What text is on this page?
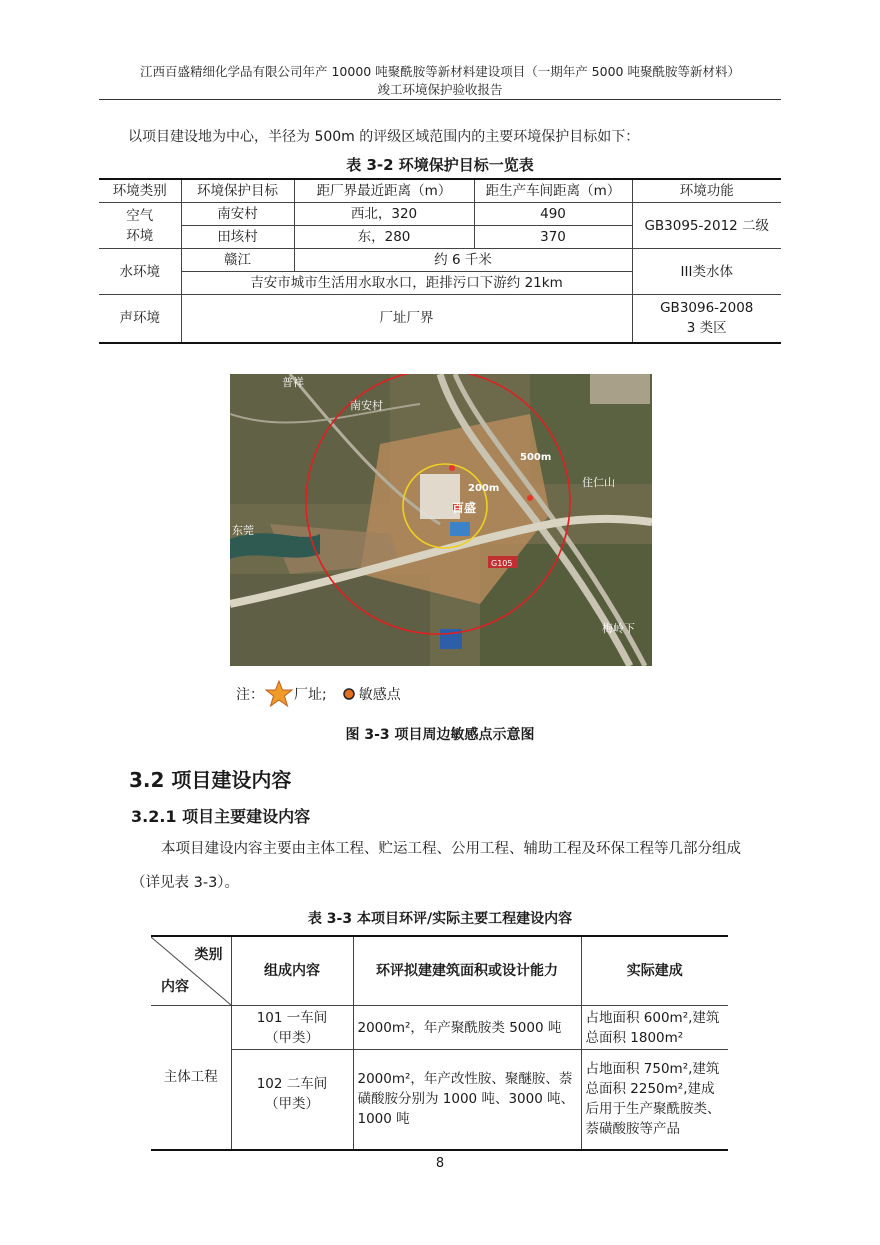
江西百盛精细化学品有限公司年产 10000 吨聚酰胺等新材料建设项目（一期年产 5000 吨聚酰胺等新材料）
竣工环境保护验收报告
以项目建设地为中心，半径为 500m 的评级区域范围内的主要环境保护目标如下：
表 3-2 环境保护目标一览表
环境类别	环境保护目标	距厂界最近距离（m）	距生产车间距离（m）	环境功能

空气
环境	南安村	西北，320	490	GB3095-2012 二级
	田垓村	东，280	370	
水环境	赣江	约 6 千米		III类水体
	吉安市城市生活用水取水口，距排污口下游约 21km			
声环境	厂址厂界			GB3096-2008
3 类区
普祥
南安村
500m
200m
百盛
住仁山
东莞
G105
梅岭下
注： 厂址; 敏感点
图 3-3 项目周边敏感点示意图
3.2 项目建设内容
3.2.1 项目主要建设内容
本项目建设内容主要由主体工程、贮运工程、公用工程、辅助工程及环保工程等几部分组成（详见表 3-3）。
表 3-3 本项目环评/实际主要工程建设内容
类别
内容	组成内容	环评拟建建筑面积或设计能力	实际建成
主体工程	101 一车间
（甲类）	2000m²，年产聚酰胺类 5000 吨	占地面积 600m²,建筑总面积 1800m²

	102 二车间
（甲类）	2000m²，年产改性胺、聚醚胺、萘磺酸胺分别为 1000 吨、3000 吨、1000 吨	占地面积 750m²,建筑总面积 2250m²,建成后用于生产聚酰胺类、萘磺酸胺等产品
8
